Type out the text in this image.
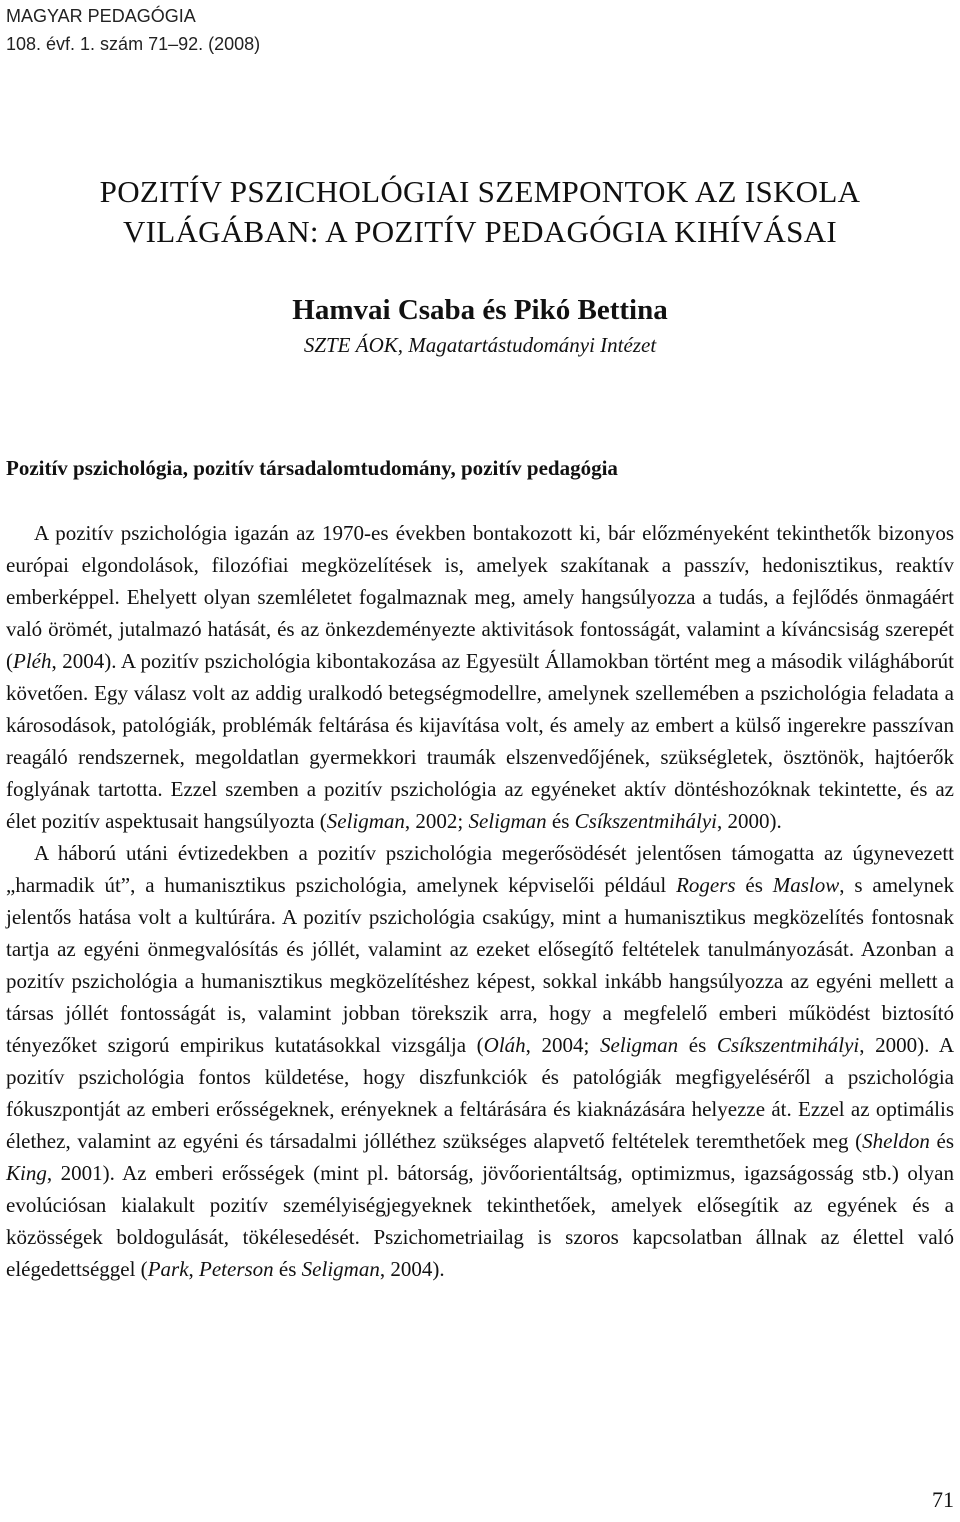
MAGYAR PEDAGÓGIA
108. évf. 1. szám 71–92. (2008)
POZITÍV PSZICHOLÓGIAI SZEMPONTOK AZ ISKOLA
VILÁGÁBAN: A POZITÍV PEDAGÓGIA KIHÍVÁSAI
Hamvai Csaba és Pikó Bettina
SZTE ÁOK, Magatartástudományi Intézet
Pozitív pszichológia, pozitív társadalomtudomány, pozitív pedagógia

A pozitív pszichológia igazán az 1970-es években bontakozott ki, bár előzményeként tekinthetők bizonyos európai elgondolások, filozófiai megközelítések is, amelyek szakítanak a passzív, hedonisztikus, reaktív emberképpel. Ehelyett olyan szemléletet fogalmaznak meg, amely hangsúlyozza a tudás, a fejlődés önmagáért való örömét, jutalmazó hatását, és az önkezdeményezte aktivitások fontosságát, valamint a kíváncsiság szerepét (Pléh, 2004). A pozitív pszichológia kibontakozása az Egyesült Államokban történt meg a második világháborút követően. Egy válasz volt az addig uralkodó betegségmodellre, amelynek szellemében a pszichológia feladata a károsodások, patológiák, problémák feltárása és kijavítása volt, és amely az embert a külső ingerekre passzívan reagáló rendszernek, megoldatlan gyermekkori traumák elszenvedőjének, szükségletek, ösztönök, hajtóerők foglyának tartotta. Ezzel szemben a pozitív pszichológia az egyéneket aktív döntéshozóknak tekintette, és az élet pozitív aspektusait hangsúlyozta (Seligman, 2002; Seligman és Csíkszentmihályi, 2000).

A háború utáni évtizedekben a pozitív pszichológia megerősödését jelentősen támogatta az úgynevezett „harmadik út”, a humanisztikus pszichológia, amelynek képviselői például Rogers és Maslow, s amelynek jelentős hatása volt a kultúrára. A pozitív pszichológia csakúgy, mint a humanisztikus megközelítés fontosnak tartja az egyéni önmegvalósítás és jóllét, valamint az ezeket elősegítő feltételek tanulmányozását. Azonban a pozitív pszichológia a humanisztikus megközelítéshez képest, sokkal inkább hangsúlyozza az egyéni mellett a társas jóllét fontosságát is, valamint jobban törekszik arra, hogy a megfelelő emberi működést biztosító tényezőket szigorú empirikus kutatásokkal vizsgálja (Oláh, 2004; Seligman és Csíkszentmihályi, 2000). A pozitív pszichológia fontos küldetése, hogy diszfunkciók és patológiák megfigyeléséről a pszichológia fókuszpontját az emberi erősségeknek, erényeknek a feltárására és kiaknázására helyezze át. Ezzel az optimális élethez, valamint az egyéni és társadalmi jólléthez szükséges alapvető feltételek teremthetőek meg (Sheldon és King, 2001). Az emberi erősségek (mint pl. bátorság, jövőorientáltság, optimizmus, igazságosság stb.) olyan evolúciósan kialakult pozitív személyiségjegyeknek tekinthetőek, amelyek elősegítik az egyének és a közösségek boldogulását, tökélesedését. Pszichometriailag is szoros kapcsolatban állnak az élettel való elégedettséggel (Park, Peterson és Seligman, 2004).

71
